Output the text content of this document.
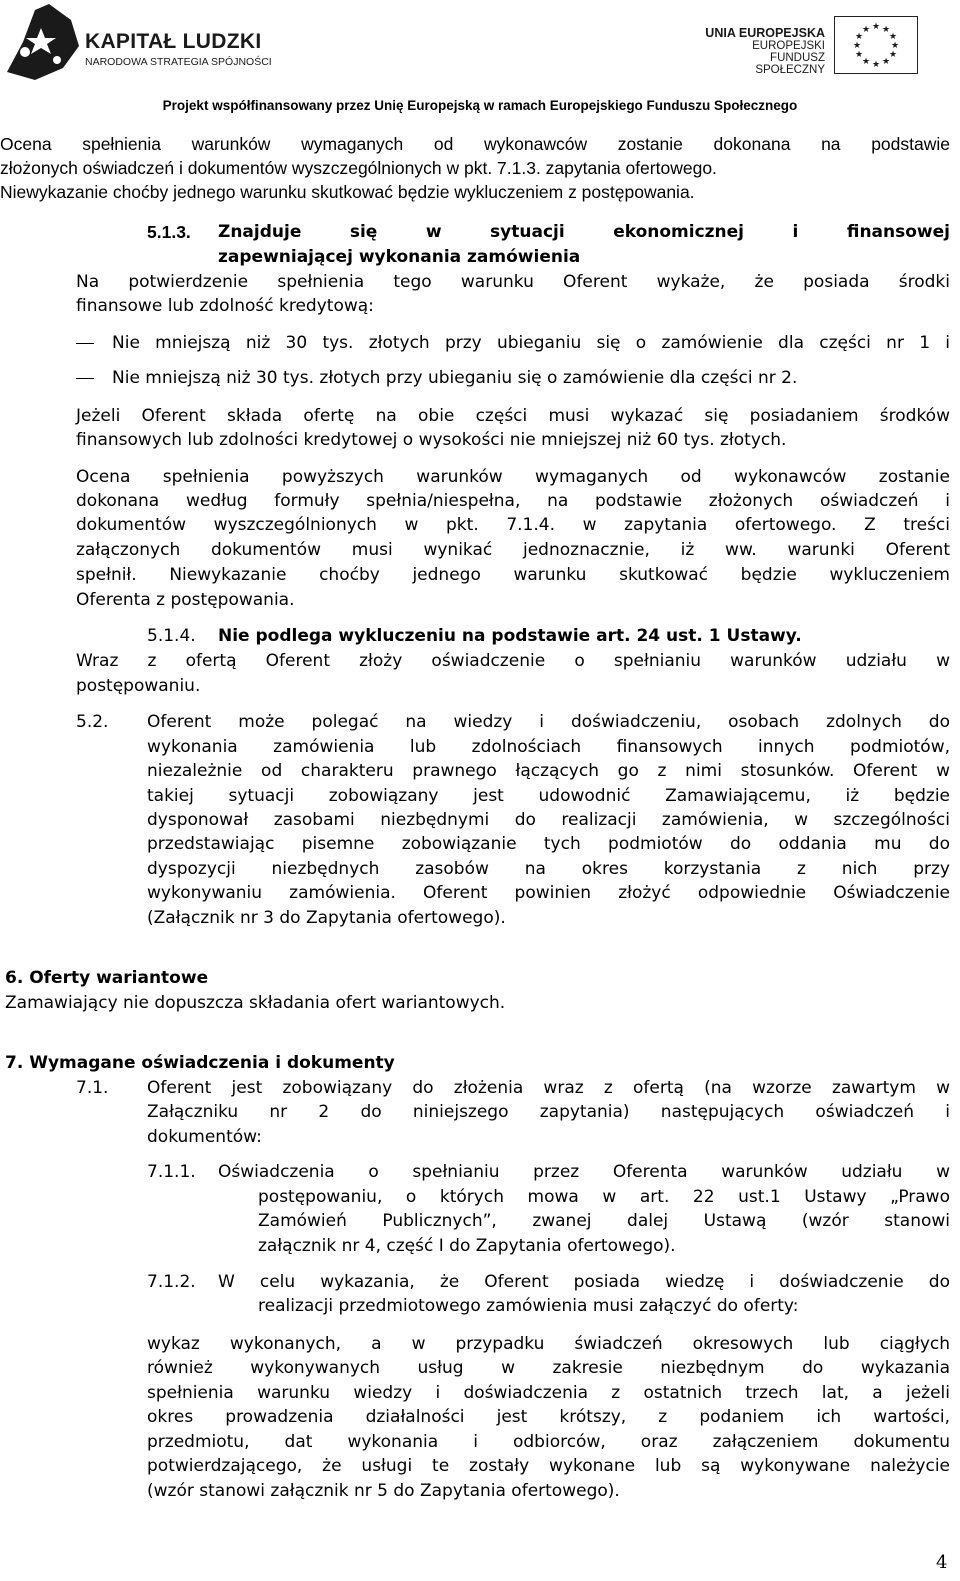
KAPITAŁ LUDZKI
NARODOWA STRATEGIA SPÓJNOŚCI
UNIA EUROPEJSKA
EUROPEJSKI
FUNDUSZ SPOŁECZNY
★ ★
★
★
★
★
★
★
★
★
★
★
Projekt współfinansowany przez Unię Europejską w ramach Europejskiego Funduszu Społecznego
Ocena spełnienia warunków wymaganych od wykonawców zostanie dokonana na podstawie
złożonych oświadczeń i dokumentów wyszczególnionych w pkt. 7.1.3. zapytania ofertowego.
Niewykazanie choćby jednego warunku skutkować będzie wykluczeniem z postępowania.
5.1.3. Znajduje się w sytuacji ekonomicznej i finansowej
zapewniającej wykonania zamówienia
Na potwierdzenie spełnienia tego warunku Oferent wykaże, że posiada środki
finansowe lub zdolność kredytową:
Nie mniejszą niż 30 tys. złotych przy ubieganiu się o zamówienie dla części nr 1 i
Nie mniejszą niż 30 tys. złotych przy ubieganiu się o zamówienie dla części nr 2.
Jeżeli Oferent składa ofertę na obie części musi wykazać się posiadaniem środków
finansowych lub zdolności kredytowej o wysokości nie mniejszej niż 60 tys. złotych.
Ocena spełnienia powyższych warunków wymaganych od wykonawców zostanie
dokonana według formuły spełnia/niespełna, na podstawie złożonych oświadczeń i
dokumentów wyszczególnionych w pkt. 7.1.4. w zapytania ofertowego. Z treści
załączonych dokumentów musi wynikać jednoznacznie, iż ww. warunki Oferent
spełnił. Niewykazanie choćby jednego warunku skutkować będzie wykluczeniem
Oferenta z postępowania.
5.1.4. Nie podlega wykluczeniu na podstawie art. 24 ust. 1 Ustawy.
Wraz z ofertą Oferent złoży oświadczenie o spełnianiu warunków udziału w
postępowaniu.
5.2. Oferent może polegać na wiedzy i doświadczeniu, osobach zdolnych do
wykonania zamówienia lub zdolnościach finansowych innych podmiotów,
niezależnie od charakteru prawnego łączących go z nimi stosunków. Oferent w
takiej sytuacji zobowiązany jest udowodnić Zamawiającemu, iż będzie
dysponował zasobami niezbędnymi do realizacji zamówienia, w szczególności
przedstawiając pisemne zobowiązanie tych podmiotów do oddania mu do
dyspozycji niezbędnych zasobów na okres korzystania z nich przy
wykonywaniu zamówienia. Oferent powinien złożyć odpowiednie Oświadczenie
(Załącznik nr 3 do Zapytania ofertowego).
6. Oferty wariantowe
Zamawiający nie dopuszcza składania ofert wariantowych.
7. Wymagane oświadczenia i dokumenty
7.1. Oferent jest zobowiązany do złożenia wraz z ofertą (na wzorze zawartym w
Załączniku nr 2 do niniejszego zapytania) następujących oświadczeń i
dokumentów:
7.1.1. Oświadczenia o spełnianiu przez Oferenta warunków udziału w
postępowaniu, o których mowa w art. 22 ust.1 Ustawy „Prawo
Zamówień Publicznych”, zwanej dalej Ustawą (wzór stanowi
załącznik nr 4, część I do Zapytania ofertowego).
7.1.2. W celu wykazania, że Oferent posiada wiedzę i doświadczenie do
realizacji przedmiotowego zamówienia musi załączyć do oferty:
wykaz wykonanych, a w przypadku świadczeń okresowych lub ciągłych
również wykonywanych usług w zakresie niezbędnym do wykazania
spełnienia warunku wiedzy i doświadczenia z ostatnich trzech lat, a jeżeli
okres prowadzenia działalności jest krótszy, z podaniem ich wartości,
przedmiotu, dat wykonania i odbiorców, oraz załączeniem dokumentu
potwierdzającego, że usługi te zostały wykonane lub są wykonywane należycie
(wzór stanowi załącznik nr 5 do Zapytania ofertowego).
4
